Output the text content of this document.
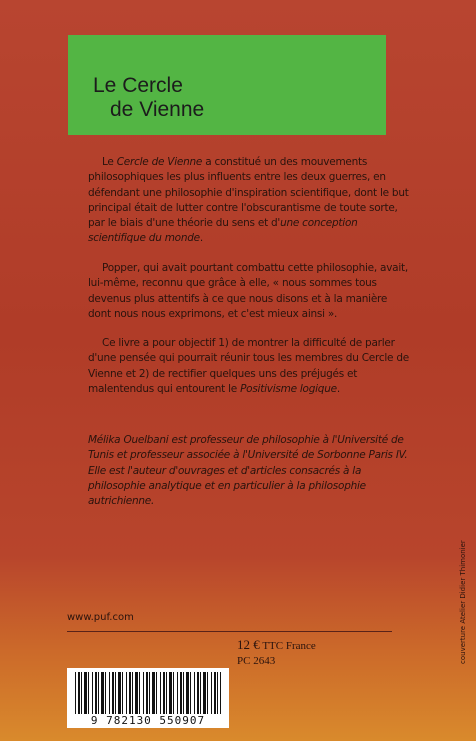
Le Cercle
de Vienne

Le Cercle de Vienne a constitué un des mouvements philosophiques les plus influents entre les deux guerres, en défendant une philosophie d'inspiration scientifique, dont le but principal était de lutter contre l'obscurantisme de toute sorte, par le biais d'une théorie du sens et d'une conception scientifique du monde.

Popper, qui avait pourtant combattu cette philosophie, avait, lui-même, reconnu que grâce à elle, « nous sommes tous devenus plus attentifs à ce que nous disons et à la manière dont nous nous exprimons, et c'est mieux ainsi ».

Ce livre a pour objectif 1) de montrer la difficulté de parler d'une pensée qui pourrait réunir tous les membres du Cercle de Vienne et 2) de rectifier quelques uns des préjugés et malentendus qui entourent le Positivisme logique.

Mélika Ouelbani est professeur de philosophie à l'Université de Tunis et professeur associée à l'Université de Sorbonne Paris IV. Elle est l'auteur d'ouvrages et d'articles consacrés à la philosophie analytique et en particulier à la philosophie autrichienne.

couverture Atelier Didier Thimonier
www.puf.com
12 € TTC France
PC 2643
9 782130 550907
